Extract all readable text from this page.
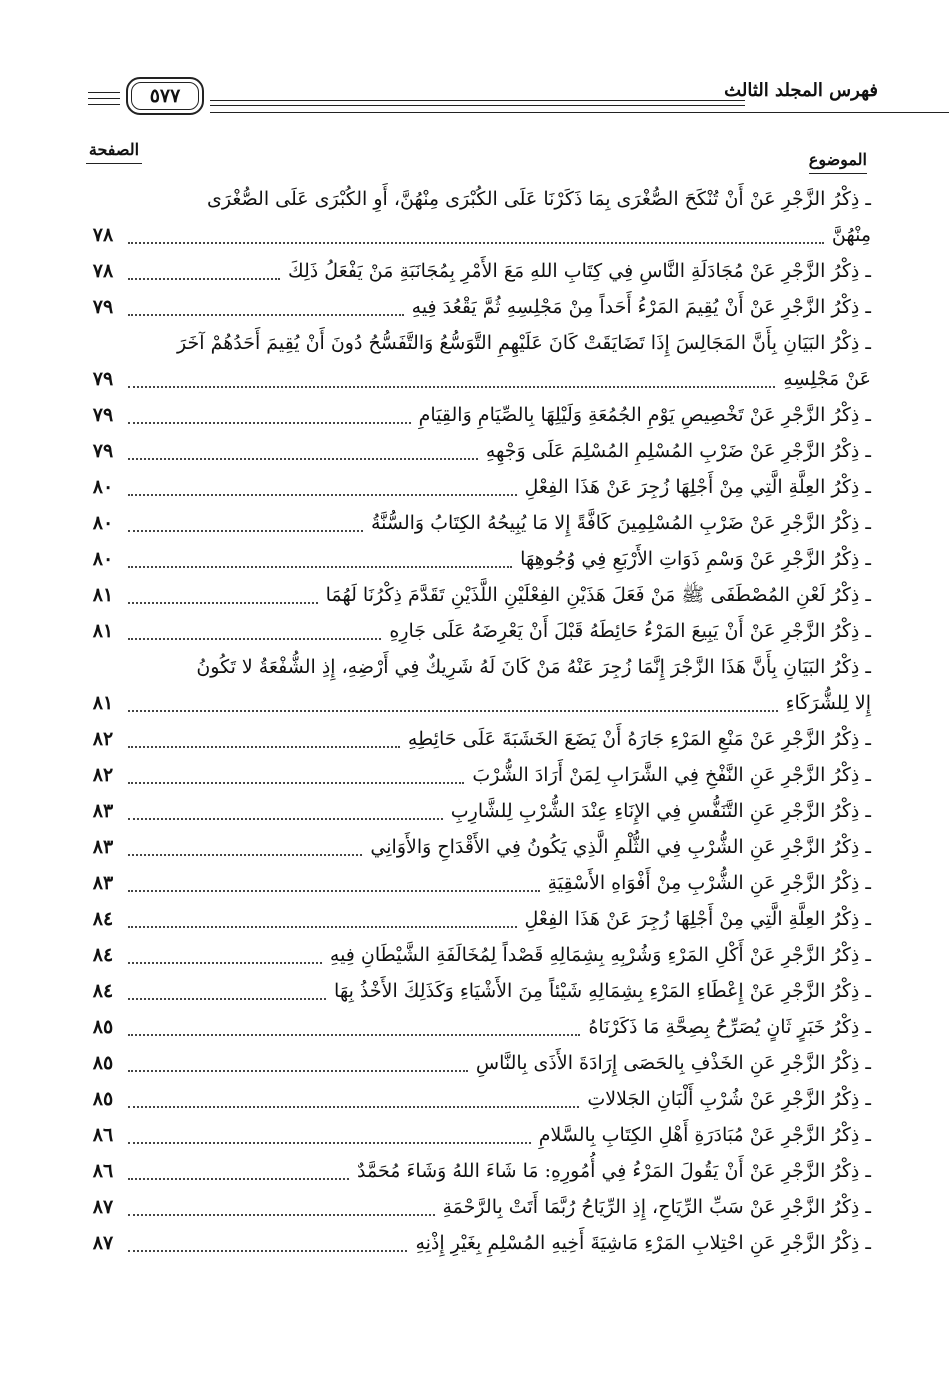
فهرس المجلد الثالث
٥٧٧
الموضوع
الصفحة
ـ ذِكْرُ الزَّجْرِ عَنْ أَنْ تُنْكَحَ الصُّغْرَى بِمَا ذَكَرْنَا عَلَى الكُبْرَى مِنْهُنَّ، أَوِ الكُبْرَى عَلَى الصُّغْرَى
مِنْهُنَّ
٧٨
ـ ذِكْرُ الزَّجْرِ عَنْ مُجَادَلَةِ النَّاسِ فِي كِتَابِ اللهِ مَعَ الأَمْرِ بِمُجَانَبَةِ مَنْ يَفْعَلُ ذَلِكَ
٧٨
ـ ذِكْرُ الزَّجْرِ عَنْ أَنْ يُقِيمَ المَرْءُ أَحَداً مِنْ مَجْلِسِهِ ثُمَّ يَقْعُدَ فِيهِ
٧٩
ـ ذِكْرُ البَيَانِ بِأَنَّ المَجَالِسَ إِذَا تَضَايَقَتْ كَانَ عَلَيْهِمِ التَّوَسُّعُ وَالتَّفَسُّحُ دُونَ أَنْ يُقِيمَ أَحَدُهُمْ آخَرَ
عَنْ مَجْلِسِهِ
٧٩
ـ ذِكْرُ الزَّجْرِ عَنْ تَخْصِيصِ يَوْمِ الجُمُعَةِ وَلَيْلِهَا بِالصِّيَامِ وَالقِيَامِ
٧٩
ـ ذِكْرُ الزَّجْرِ عَنْ ضَرْبِ المُسْلِمِ المُسْلِمَ عَلَى وَجْهِهِ
٧٩
ـ ذِكْرُ العِلَّةِ الَّتِي مِنْ أَجْلِهَا زُجِرَ عَنْ هَذَا الفِعْلِ
٨٠
ـ ذِكْرُ الزَّجْرِ عَنْ ضَرْبِ المُسْلِمِينَ كَافَّةً إِلا مَا يُبِيحُهُ الكِتَابُ وَالسُّنَّةُ
٨٠
ـ ذِكْرُ الزَّجْرِ عَنْ وَسْمِ ذَوَاتِ الأَرْبَعِ فِي وُجُوهِهَا
٨٠
ـ ذِكْرُ لَعْنِ المُصْطَفَى ﷺ مَنْ فَعَلَ هَذَيْنِ الفِعْلَيْنِ اللَّذَيْنِ تَقَدَّمَ ذِكْرُنَا لَهُمَا
٨١
ـ ذِكْرُ الزَّجْرِ عَنْ أَنْ يَبِيعَ المَرْءُ حَائِطَهُ قَبْلَ أَنْ يَعْرِضَهُ عَلَى جَارِهِ
٨١
ـ ذِكْرُ البَيَانِ بِأَنَّ هَذَا الزَّجْرَ إِنَّمَا زُجِرَ عَنْهُ مَنْ كَانَ لَهُ شَرِيكٌ فِي أَرْضِهِ، إِذِ الشُّفْعَةُ لا تَكُونُ
إِلا لِلشُّرَكَاءِ
٨١
ـ ذِكْرُ الزَّجْرِ عَنْ مَنْعِ المَرْءِ جَارَهُ أَنْ يَضَعَ الخَشَبَةَ عَلَى حَائِطِهِ
٨٢
ـ ذِكْرُ الزَّجْرِ عَنِ النَّفْخِ فِي الشَّرَابِ لِمَنْ أَرَادَ الشُّرْبَ
٨٢
ـ ذِكْرُ الزَّجْرِ عَنِ التَّنَفُّسِ فِي الإِنَاءِ عِنْدَ الشُّرْبِ لِلشَّارِبِ
٨٣
ـ ذِكْرُ الزَّجْرِ عَنِ الشُّرْبِ فِي الثُّلْمِ الَّذِي يَكُونُ فِي الأَقْدَاحِ وَالأَوَانِي
٨٣
ـ ذِكْرُ الزَّجْرِ عَنِ الشُّرْبِ مِنْ أَفْوَاهِ الأَسْقِيَةِ
٨٣
ـ ذِكْرُ العِلَّةِ الَّتِي مِنْ أَجْلِهَا زُجِرَ عَنْ هَذَا الفِعْلِ
٨٤
ـ ذِكْرُ الزَّجْرِ عَنْ أَكْلِ المَرْءِ وَشُرْبِهِ بِشِمَالِهِ قَصْداً لِمُخَالَفَةِ الشَّيْطَانِ فِيهِ
٨٤
ـ ذِكْرُ الزَّجْرِ عَنْ إِعْطَاءِ المَرْءِ بِشِمَالِهِ شَيْئاً مِنَ الأَشْيَاءِ وَكَذَلِكَ الأَخْذُ بِهَا
٨٤
ـ ذِكْرُ خَبَرٍ ثَانٍ يُصَرِّحُ بِصِحَّةِ مَا ذَكَرْنَاهُ
٨٥
ـ ذِكْرُ الزَّجْرِ عَنِ الخَذْفِ بِالحَصَى إِرَادَةَ الأَذَى بِالنَّاسِ
٨٥
ـ ذِكْرُ الزَّجْرِ عَنْ شُرْبِ أَلْبَانِ الجَلالاتِ
٨٥
ـ ذِكْرُ الزَّجْرِ عَنْ مُبَادَرَةِ أَهْلِ الكِتَابِ بِالسَّلامِ
٨٦
ـ ذِكْرُ الزَّجْرِ عَنْ أَنْ يَقُولَ المَرْءُ فِي أُمُورِهِ: مَا شَاءَ اللهُ وَشَاءَ مُحَمَّدٌ
٨٦
ـ ذِكْرُ الزَّجْرِ عَنْ سَبِّ الرِّيَاحِ، إِذِ الرِّيَاحُ رُبَّمَا أَتَتْ بِالرَّحْمَةِ
٨٧
ـ ذِكْرُ الزَّجْرِ عَنِ احْتِلابِ المَرْءِ مَاشِيَةَ أَخِيهِ المُسْلِمِ بِغَيْرِ إِذْنِهِ
٨٧
